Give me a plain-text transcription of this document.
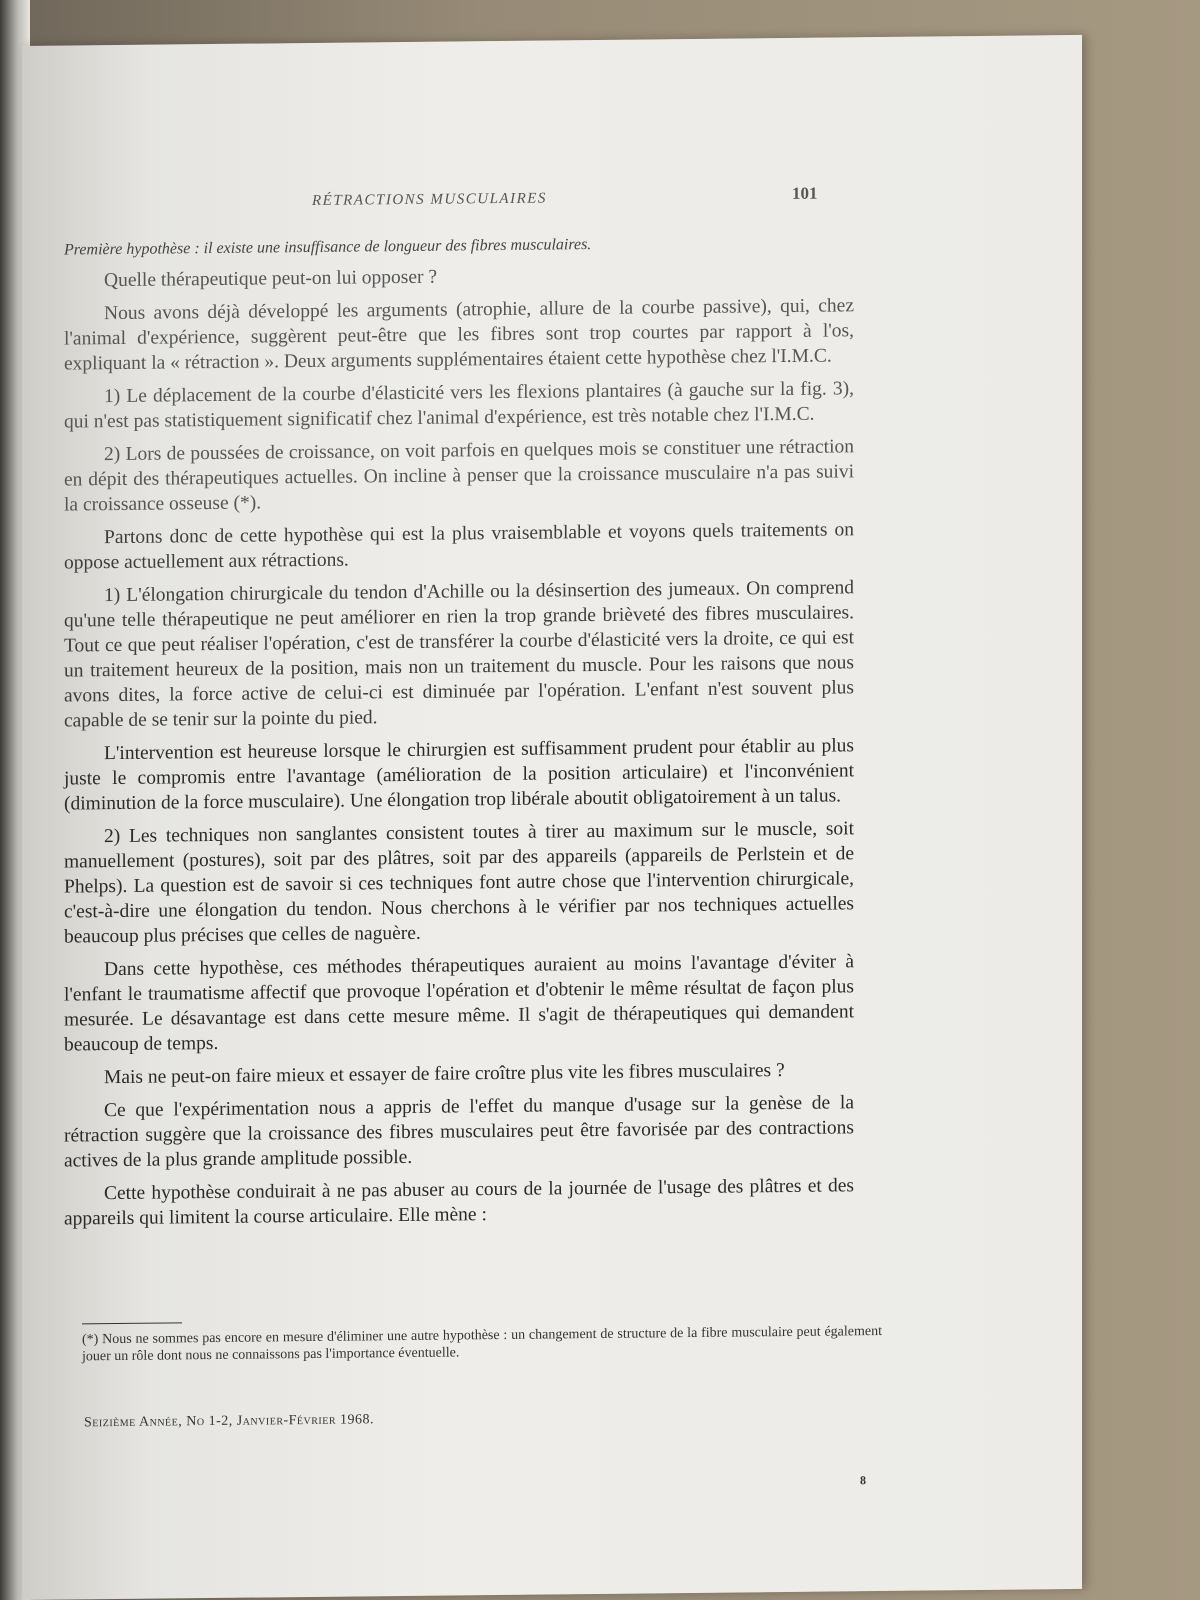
RÉTRACTIONS MUSCULAIRES	101

Première hypothèse : il existe une insuffisance de longueur des fibres musculaires.

Quelle thérapeutique peut-on lui opposer ?

Nous avons déjà développé les arguments (atrophie, allure de la courbe passive), qui, chez l'animal d'expérience, suggèrent peut-être que les fibres sont trop courtes par rapport à l'os, expliquant la « rétraction ». Deux arguments supplémentaires étaient cette hypothèse chez l'I.M.C.

1) Le déplacement de la courbe d'élasticité vers les flexions plantaires (à gauche sur la fig. 3), qui n'est pas statistiquement significatif chez l'animal d'expérience, est très notable chez l'I.M.C.

2) Lors de poussées de croissance, on voit parfois en quelques mois se constituer une rétraction en dépit des thérapeutiques actuelles. On incline à penser que la croissance musculaire n'a pas suivi la croissance osseuse (*).

Partons donc de cette hypothèse qui est la plus vraisemblable et voyons quels traitements on oppose actuellement aux rétractions.

1) L'élongation chirurgicale du tendon d'Achille ou la désinsertion des jumeaux. On comprend qu'une telle thérapeutique ne peut améliorer en rien la trop grande brièveté des fibres musculaires. Tout ce que peut réaliser l'opération, c'est de transférer la courbe d'élasticité vers la droite, ce qui est un traitement heureux de la position, mais non un traitement du muscle. Pour les raisons que nous avons dites, la force active de celui-ci est diminuée par l'opération. L'enfant n'est souvent plus capable de se tenir sur la pointe du pied.

L'intervention est heureuse lorsque le chirurgien est suffisamment prudent pour établir au plus juste le compromis entre l'avantage (amélioration de la position articulaire) et l'inconvénient (diminution de la force musculaire). Une élongation trop libérale aboutit obligatoirement à un talus.

2) Les techniques non sanglantes consistent toutes à tirer au maximum sur le muscle, soit manuellement (postures), soit par des plâtres, soit par des appareils (appareils de Perlstein et de Phelps). La question est de savoir si ces techniques font autre chose que l'intervention chirurgicale, c'est-à-dire une élongation du tendon. Nous cherchons à le vérifier par nos techniques actuelles beaucoup plus précises que celles de naguère.

Dans cette hypothèse, ces méthodes thérapeutiques auraient au moins l'avantage d'éviter à l'enfant le traumatisme affectif que provoque l'opération et d'obtenir le même résultat de façon plus mesurée. Le désavantage est dans cette mesure même. Il s'agit de thérapeutiques qui demandent beaucoup de temps.

Mais ne peut-on faire mieux et essayer de faire croître plus vite les fibres musculaires ?

Ce que l'expérimentation nous a appris de l'effet du manque d'usage sur la genèse de la rétraction suggère que la croissance des fibres musculaires peut être favorisée par des contractions actives de la plus grande amplitude possible.

Cette hypothèse conduirait à ne pas abuser au cours de la journée de l'usage des plâtres et des appareils qui limitent la course articulaire. Elle mène :

(*) Nous ne sommes pas encore en mesure d'éliminer une autre hypothèse : un changement de structure de la fibre musculaire peut également jouer un rôle dont nous ne connaissons pas l'importance éventuelle.
Seizième Année, No 1-2, Janvier-Février 1968.
8
